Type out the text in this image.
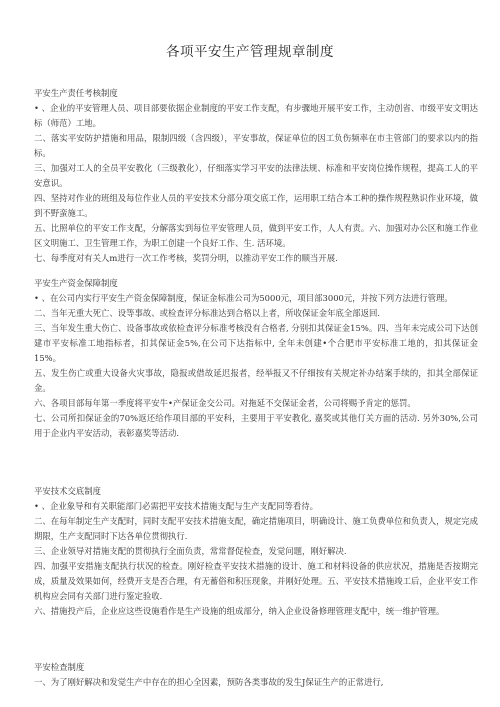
各项平安生产管理规章制度
平安生产责任考核制度

• 、企业的平安管理人员、项目部要依据企业制度的平安工作支配，有步骤地开展平安工作，主动创省、市级平安文明达标（师范）工地。

二、落实平安防护措施和用品，限制四级（含四级），平安事故，保证单位的因工负伤频率在市主管部门的要求以内的指标。

三、加强对工人的全员平安教化（三级教化），仔细落实学习平安的法律法规、标准和平安岗位操作规程，提高工人的平安意识。

四、坚持对作业的班组及每位作业人员的平安技术分部分项交底工作，运用职工结合本工种的操作规程熟识作业环境，做到不野蛮施工。

五、比照单位的平安工作支配，分解落实到每位平安管理人员，做到平安工作，人人有责。六、加强对办公区和施工作业区文明施工、卫生管理工作，为职工创建一个良好工作、生. 活环境。

七、每季度对有关人m进行一次工作考核，奖罚分明，以推动平安工作的顺当开展.

平安生产资金保障制度

• 、在公司内实行平安生产资金保障制度，保证金标准公司为5000元，项目部3000元，并按下列方法进行管理。

二、当年无重大死亡、设等事故、或检查评分标准达到合格以上者，所收保证金年底全部返回.

三、当年发生重大伤亡、设备事故或依检查评分标准考核没有合格者, 分别扣其保证金15%。四、当年未完成公司下达创建市平安标准工地指标者，扣其保证金5%,在公司下达指标中, 全年未创建•个合肥市平安标准工地的，扣其保证金15%。

五、发生伤亡或重大设备火灾事故，隐报或借故延迟报者，经举报又不仔细按有关规定补办结案手续的，扣其全部保证金。

六、各项目部每年第一季度将平安牛•产保证金交公司。对拖延不交保证金者，公司将赐予肯定的惩罚。

七、公司所扣保证金的70%返还给作项目部的平安科，主要用于平安教化, 嘉奖或其他仃关方面的活动. 另外30%,公司用于企业内平安活动，表彰嘉奖等活动.

平安技术交底制度

• 、企业象导和有关职能部门必需把平安技术措施支配与生产支配同等看待。

二、在每年制定生产支配时，同时支配平安技术措施支配，确定措施项目，明确设计、施工负费单位和负责人，规定完成期限，生产支配同时下达各单位贯彻执行.

三、企业领导对措施支配的贯彻执行全面负责，常常督促检查，发觉问题，刚好解决.

四、加强平安措施支配执行状况的检查。刚好检查平安技术措施的设计、施工和材料设备的供应状况，措施是否按期完成，质量及效果如何，经费开支是否合理，有无蓄俗和积压现象，并刚好处理。五、平安技术措施竣工后，企业平安工作机构应会同有关部门进行鉴定验收.

六、措施投产后，企业应这些设施看作是生产设施的组成部分，纳入企业设备修理管理支配中，统一维护管理。

平安检查制度

一、为了刚好解决和发觉生产中存在的担心全因素，预防各类事故的发生J保证生产的正常进行,
